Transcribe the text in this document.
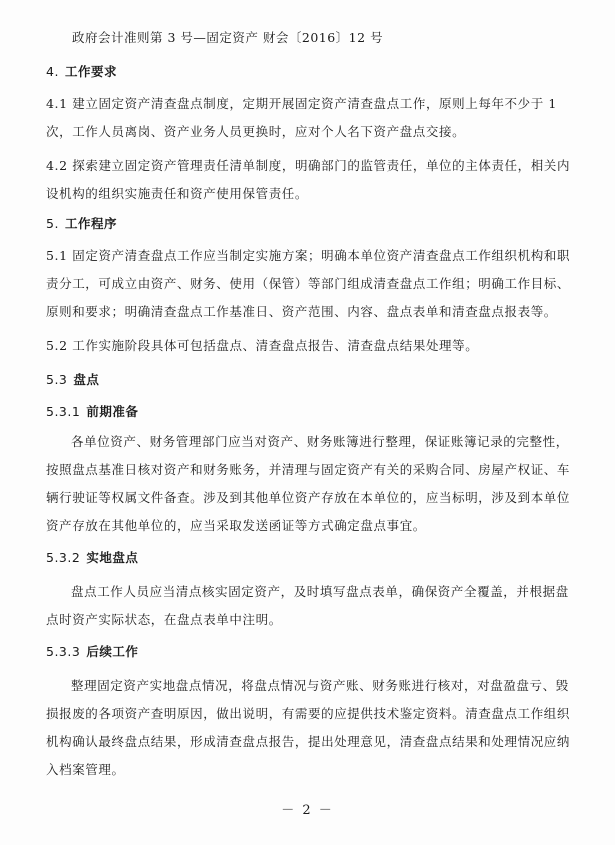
政府会计准则第 3 号—固定资产 财会〔2016〕12 号
4. 工作要求
4.1 建立固定资产清查盘点制度，定期开展固定资产清查盘点工作，原则上每年不少于 1 次，工作人员离岗、资产业务人员更换时，应对个人名下资产盘点交接。
4.2 探索建立固定资产管理责任清单制度，明确部门的监管责任，单位的主体责任，相关内设机构的组织实施责任和资产使用保管责任。
5. 工作程序
5.1 固定资产清查盘点工作应当制定实施方案；明确本单位资产清查盘点工作组织机构和职责分工，可成立由资产、财务、使用（保管）等部门组成清查盘点工作组；明确工作目标、原则和要求；明确清查盘点工作基准日、资产范围、内容、盘点表单和清查盘点报表等。
5.2 工作实施阶段具体可包括盘点、清查盘点报告、清查盘点结果处理等。
5.3 盘点
5.3.1 前期准备
各单位资产、财务管理部门应当对资产、财务账簿进行整理，保证账簿记录的完整性，按照盘点基准日核对资产和财务账务，并清理与固定资产有关的采购合同、房屋产权证、车辆行驶证等权属文件备查。涉及到其他单位资产存放在本单位的，应当标明，涉及到本单位资产存放在其他单位的，应当采取发送函证等方式确定盘点事宜。
5.3.2 实地盘点
盘点工作人员应当清点核实固定资产，及时填写盘点表单，确保资产全覆盖，并根据盘点时资产实际状态，在盘点表单中注明。
5.3.3 后续工作
整理固定资产实地盘点情况，将盘点情况与资产账、财务账进行核对，对盘盈盘亏、毁损报废的各项资产查明原因，做出说明，有需要的应提供技术鉴定资料。清查盘点工作组织机构确认最终盘点结果，形成清查盘点报告，提出处理意见，清查盘点结果和处理情况应纳入档案管理。
－ 2 －
